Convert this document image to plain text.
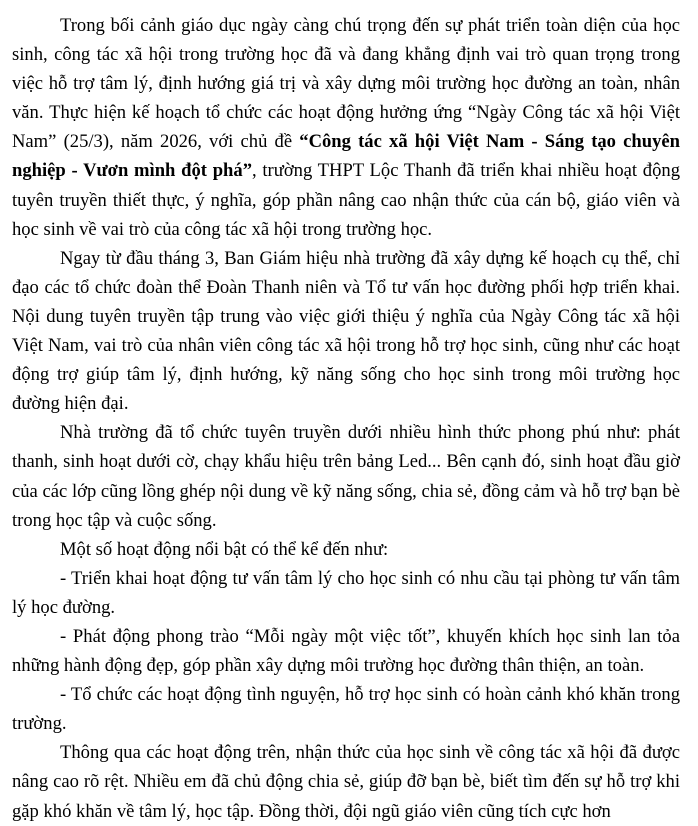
Trong bối cảnh giáo dục ngày càng chú trọng đến sự phát triển toàn diện của học sinh, công tác xã hội trong trường học đã và đang khẳng định vai trò quan trọng trong việc hỗ trợ tâm lý, định hướng giá trị và xây dựng môi trường học đường an toàn, nhân văn. Thực hiện kế hoạch tổ chức các hoạt động hưởng ứng “Ngày Công tác xã hội Việt Nam” (25/3), năm 2026, với chủ đề “Công tác xã hội Việt Nam - Sáng tạo chuyên nghiệp - Vươn mình đột phá”, trường THPT Lộc Thanh đã triển khai nhiều hoạt động tuyên truyền thiết thực, ý nghĩa, góp phần nâng cao nhận thức của cán bộ, giáo viên và học sinh về vai trò của công tác xã hội trong trường học.

Ngay từ đầu tháng 3, Ban Giám hiệu nhà trường đã xây dựng kế hoạch cụ thể, chỉ đạo các tổ chức đoàn thể Đoàn Thanh niên và Tổ tư vấn học đường phối hợp triển khai. Nội dung tuyên truyền tập trung vào việc giới thiệu ý nghĩa của Ngày Công tác xã hội Việt Nam, vai trò của nhân viên công tác xã hội trong hỗ trợ học sinh, cũng như các hoạt động trợ giúp tâm lý, định hướng, kỹ năng sống cho học sinh trong môi trường học đường hiện đại.

Nhà trường đã tổ chức tuyên truyền dưới nhiều hình thức phong phú như: phát thanh, sinh hoạt dưới cờ, chạy khẩu hiệu trên bảng Led... Bên cạnh đó, sinh hoạt đầu giờ của các lớp cũng lồng ghép nội dung về kỹ năng sống, chia sẻ, đồng cảm và hỗ trợ bạn bè trong học tập và cuộc sống.

Một số hoạt động nổi bật có thể kể đến như:

- Triển khai hoạt động tư vấn tâm lý cho học sinh có nhu cầu tại phòng tư vấn tâm lý học đường.

- Phát động phong trào “Mỗi ngày một việc tốt”, khuyến khích học sinh lan tỏa những hành động đẹp, góp phần xây dựng môi trường học đường thân thiện, an toàn.

- Tổ chức các hoạt động tình nguyện, hỗ trợ học sinh có hoàn cảnh khó khăn trong trường.

Thông qua các hoạt động trên, nhận thức của học sinh về công tác xã hội đã được nâng cao rõ rệt. Nhiều em đã chủ động chia sẻ, giúp đỡ bạn bè, biết tìm đến sự hỗ trợ khi gặp khó khăn về tâm lý, học tập. Đồng thời, đội ngũ giáo viên cũng tích cực hơn
